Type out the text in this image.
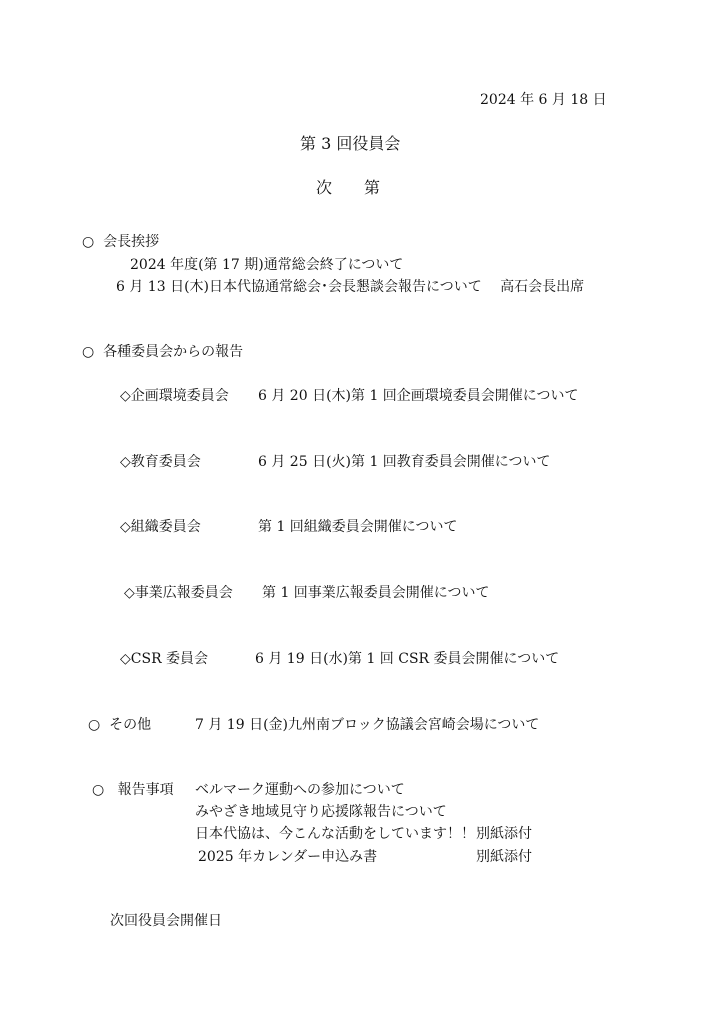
2024 年 6 月 18 日
第 3 回役員会
次　　第
○  会長挨拶
2024 年度(第 17 期)通常総会終了について
6 月 13 日(木)日本代協通常総会･会長懇談会報告について　 高石会長出席
○  各種委員会からの報告
◇企画環境委員会 6 月 20 日(木)第 1 回企画環境委員会開催について
◇教育委員会	6 月 25 日(火)第 1 回教育委員会開催について
◇組織委員会	第 1 回組織委員会開催について
◇事業広報委員会 第 1 回事業広報委員会開催について
◇CSR 委員会	6 月 19 日(水)第 1 回 CSR 委員会開催について
○  その他	7 月 19 日(金)九州南ブロック協議会宮崎会場について
○   報告事項 ベルマーク運動への参加について
みやざき地域見守り応援隊報告について
日本代協は、今こんな活動をしています！！ 別紙添付
2025 年カレンダー申込み書	別紙添付
次回役員会開催日
